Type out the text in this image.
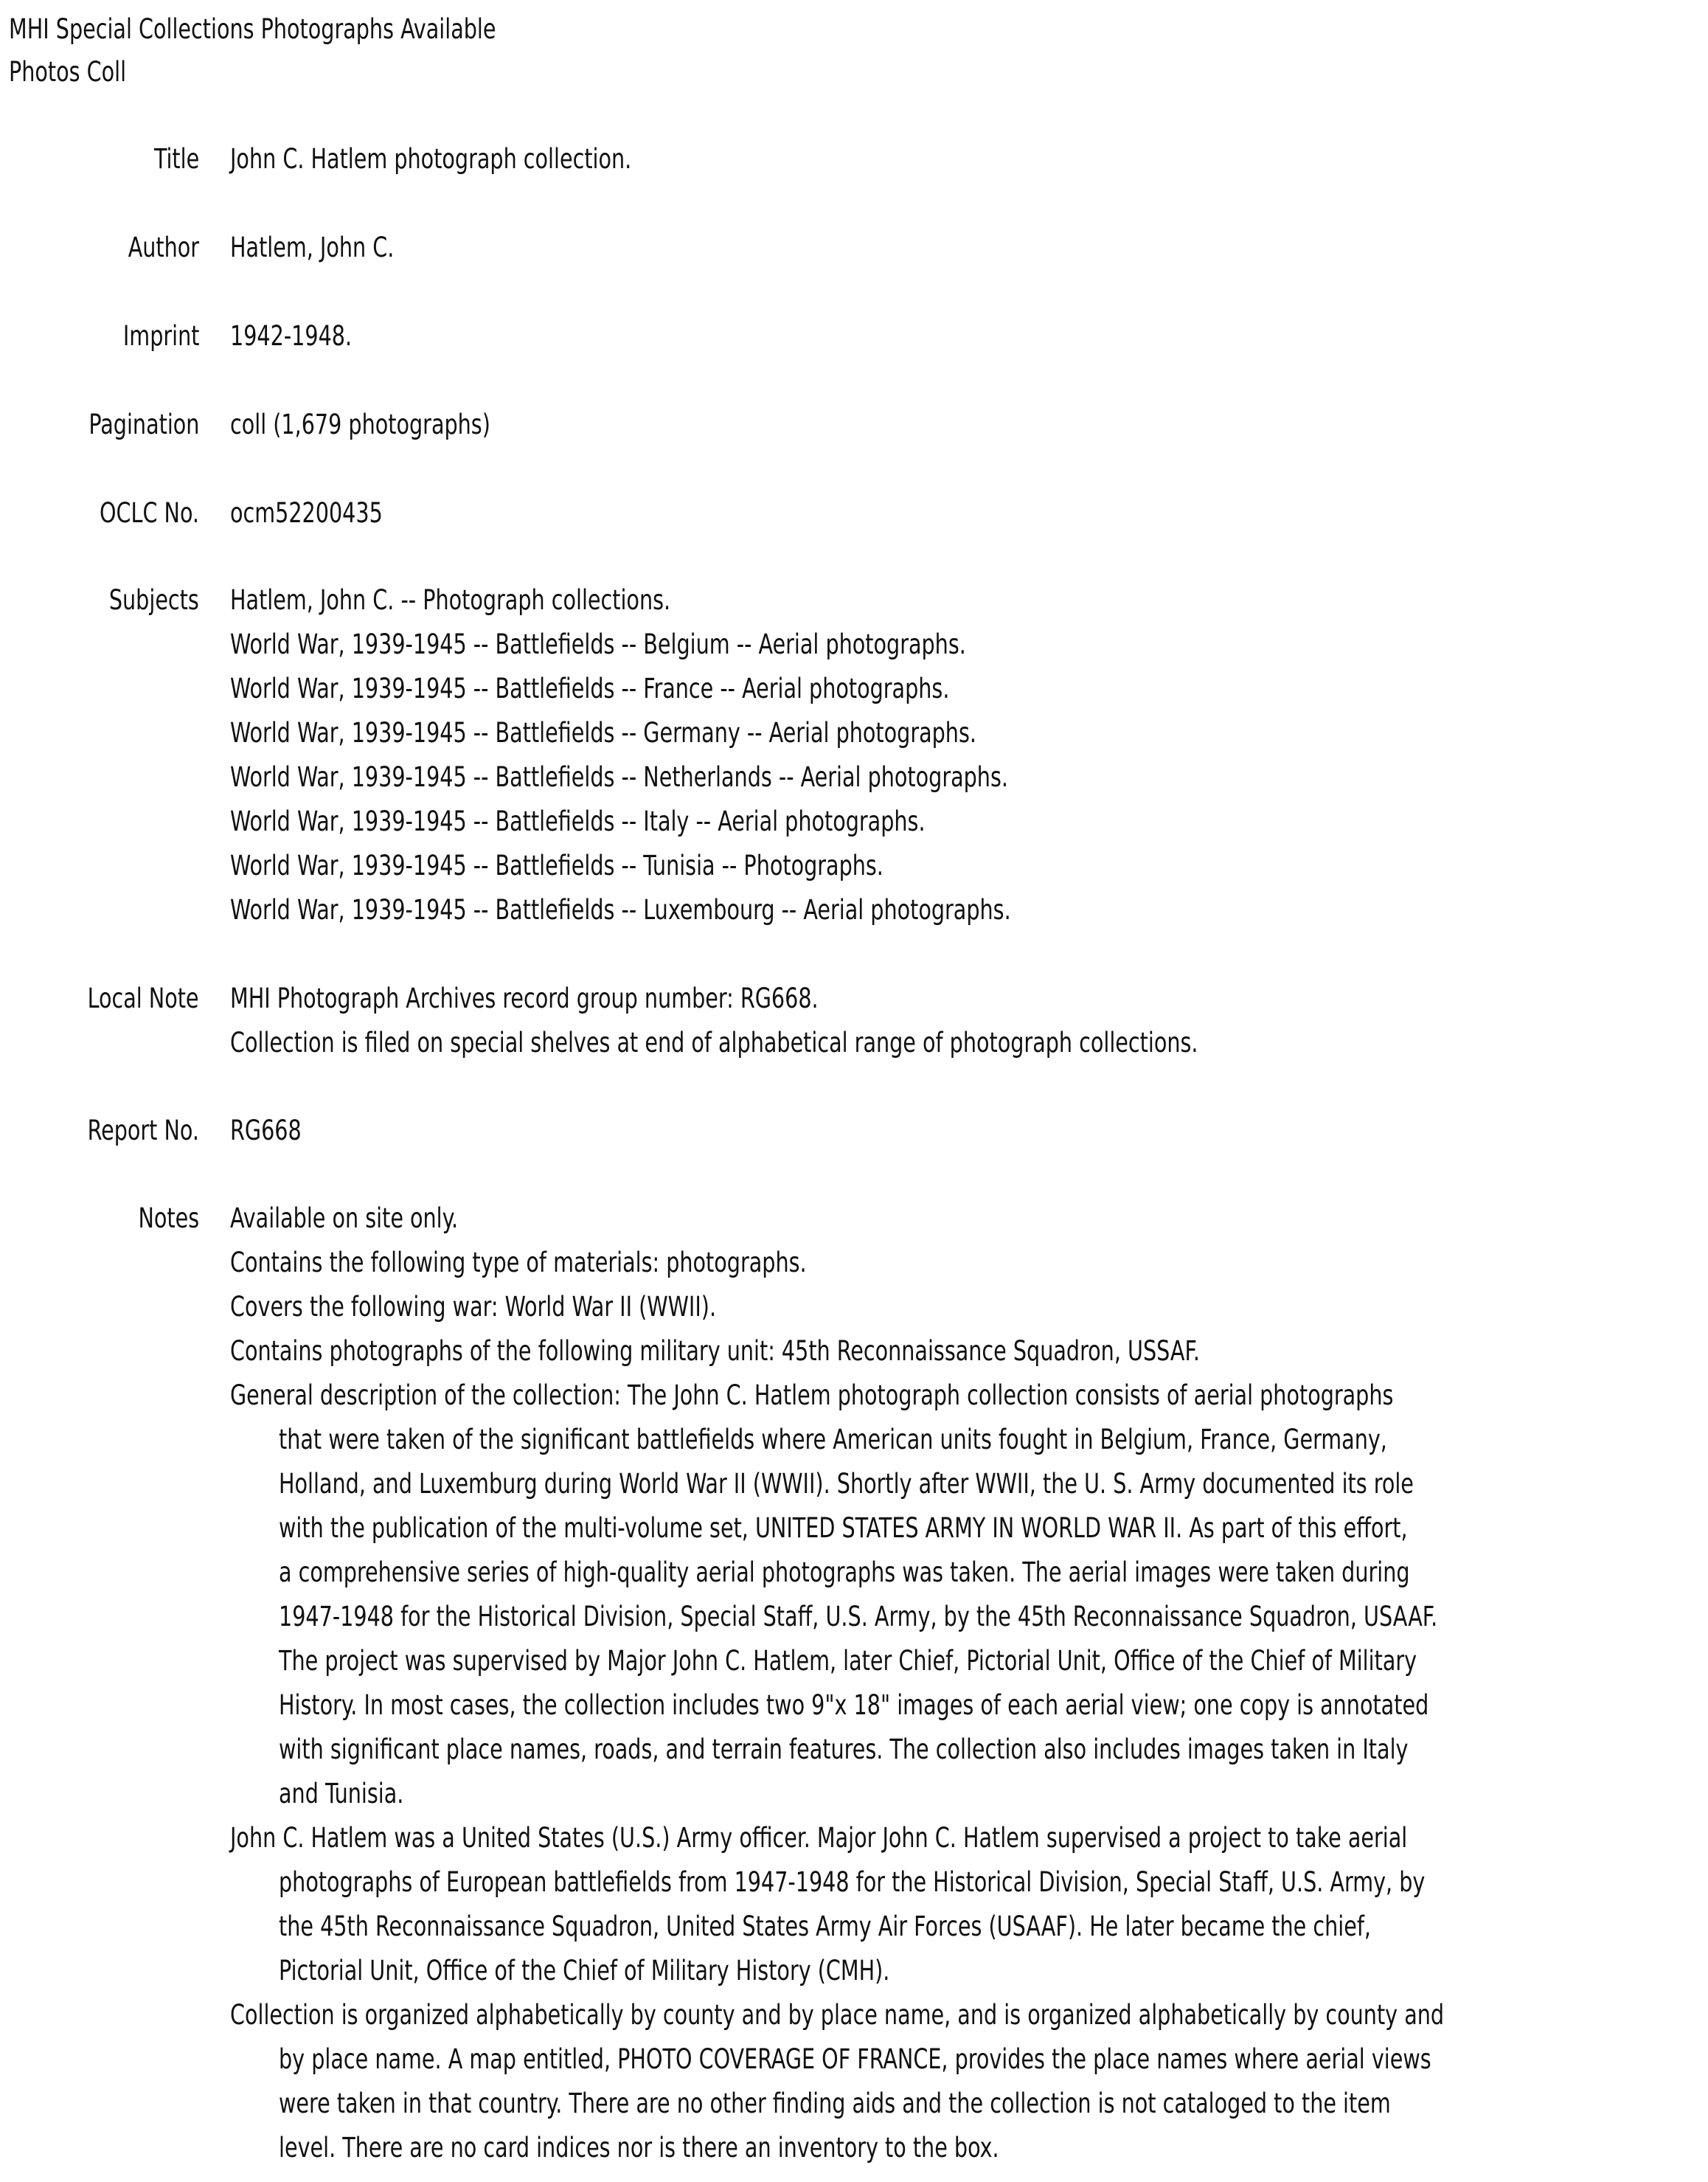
MHI Special Collections Photographs Available
Photos Coll
Title John C. Hatlem photograph collection.
Author Hatlem, John C.
Imprint 1942-1948.
Pagination coll (1,679 photographs)
OCLC No. ocm52200435
Subjects Hatlem, John C. -- Photograph collections.
World War, 1939-1945 -- Battlefields -- Belgium -- Aerial photographs.
World War, 1939-1945 -- Battlefields -- France -- Aerial photographs.
World War, 1939-1945 -- Battlefields -- Germany -- Aerial photographs.
World War, 1939-1945 -- Battlefields -- Netherlands -- Aerial photographs.
World War, 1939-1945 -- Battlefields -- Italy -- Aerial photographs.
World War, 1939-1945 -- Battlefields -- Tunisia -- Photographs.
World War, 1939-1945 -- Battlefields -- Luxembourg -- Aerial photographs.
Local Note MHI Photograph Archives record group number: RG668.
Collection is filed on special shelves at end of alphabetical range of photograph collections.
Report No. RG668
Notes Available on site only.
Contains the following type of materials: photographs.
Covers the following war: World War II (WWII).
Contains photographs of the following military unit: 45th Reconnaissance Squadron, USSAF.
General description of the collection: The John C. Hatlem photograph collection consists of aerial photographs
that were taken of the significant battlefields where American units fought in Belgium, France, Germany,
Holland, and Luxemburg during World War II (WWII). Shortly after WWII, the U. S. Army documented its role
with the publication of the multi-volume set, UNITED STATES ARMY IN WORLD WAR II. As part of this effort,
a comprehensive series of high-quality aerial photographs was taken. The aerial images were taken during
1947-1948 for the Historical Division, Special Staff, U.S. Army, by the 45th Reconnaissance Squadron, USAAF.
The project was supervised by Major John C. Hatlem, later Chief, Pictorial Unit, Office of the Chief of Military
History. In most cases, the collection includes two 9"x 18" images of each aerial view; one copy is annotated
with significant place names, roads, and terrain features. The collection also includes images taken in Italy
and Tunisia.
John C. Hatlem was a United States (U.S.) Army officer. Major John C. Hatlem supervised a project to take aerial
photographs of European battlefields from 1947-1948 for the Historical Division, Special Staff, U.S. Army, by
the 45th Reconnaissance Squadron, United States Army Air Forces (USAAF). He later became the chief,
Pictorial Unit, Office of the Chief of Military History (CMH).
Collection is organized alphabetically by county and by place name, and is organized alphabetically by county and
by place name. A map entitled, PHOTO COVERAGE OF FRANCE, provides the place names where aerial views
were taken in that country. There are no other finding aids and the collection is not cataloged to the item
level. There are no card indices nor is there an inventory to the box.
